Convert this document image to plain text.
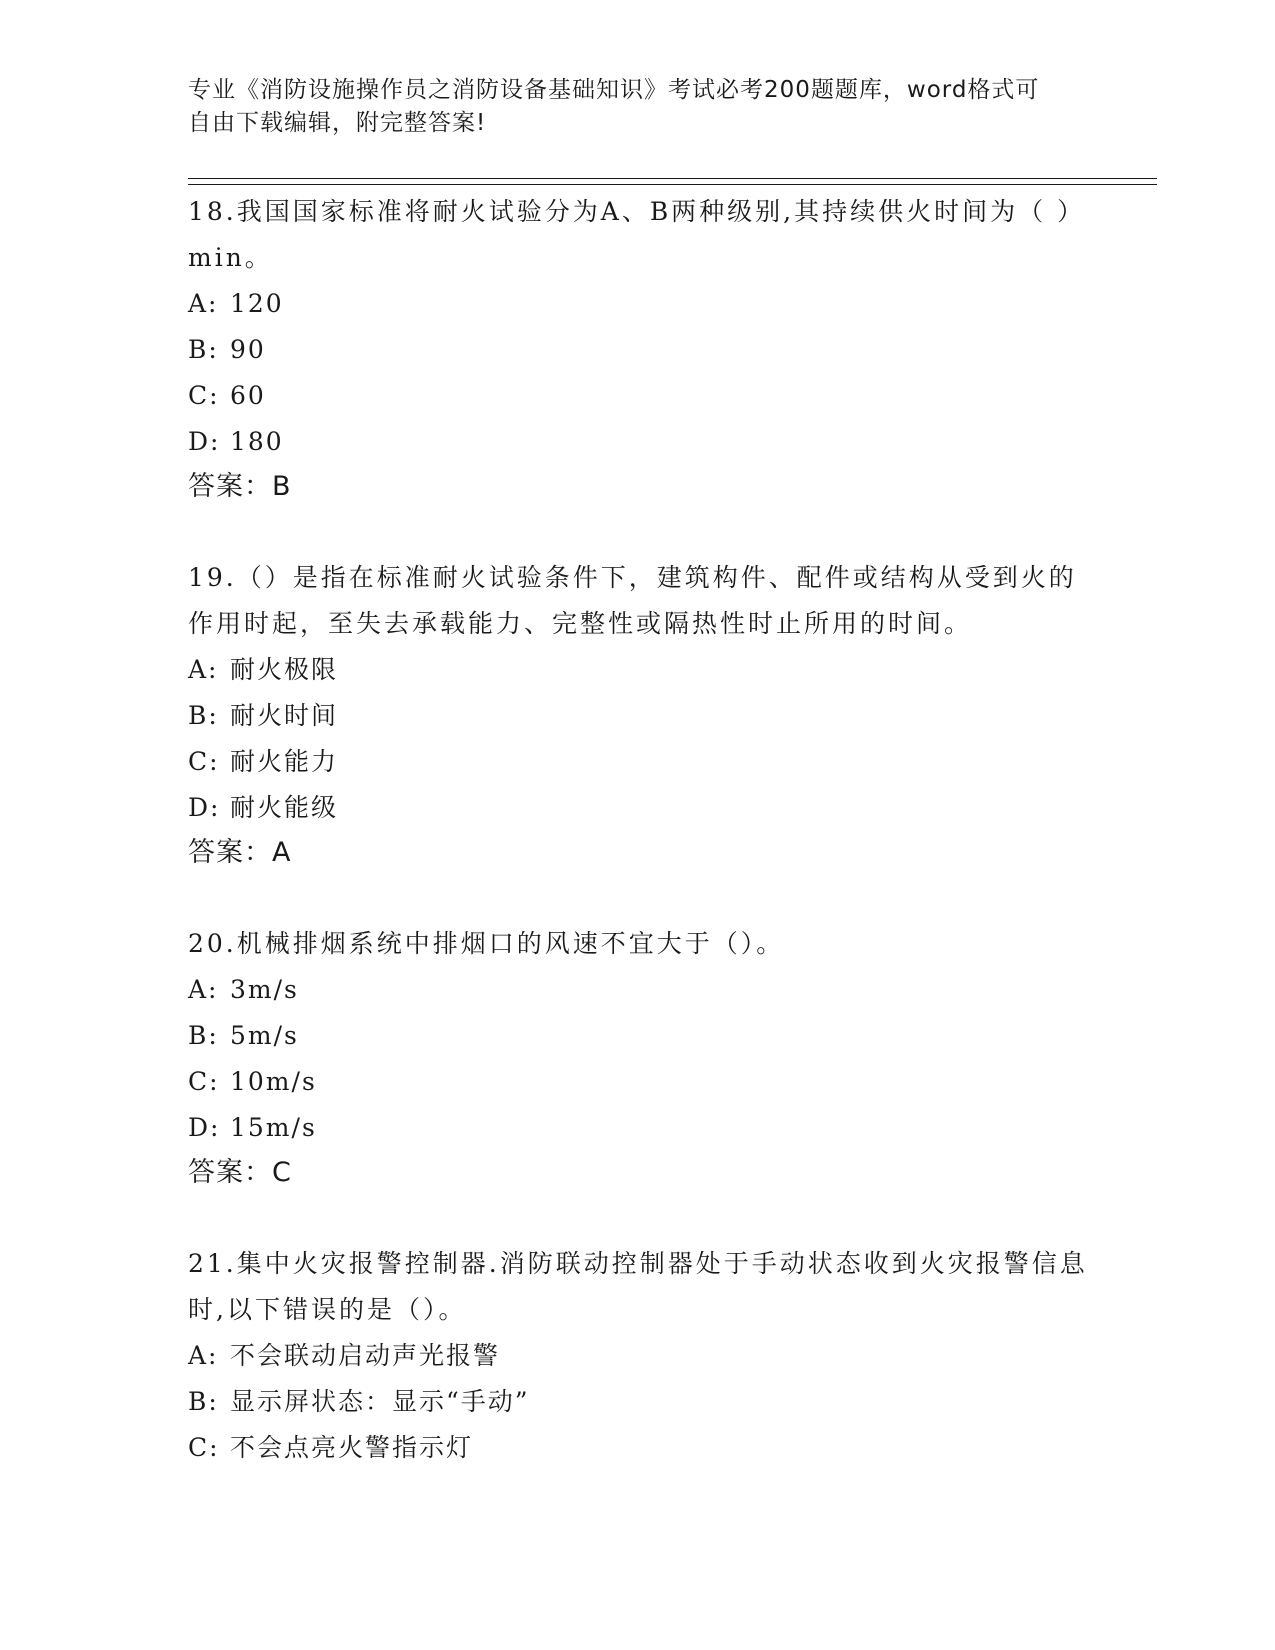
专业《消防设施操作员之消防设备基础知识》考试必考200题题库，word格式可
自由下载编辑，附完整答案!

18.我国国家标准将耐火试验分为A、B两种级别,其持续供火时间为（ ）min。

A: 120
B: 90
C: 60
D: 180
答案：B

19.（）是指在标准耐火试验条件下，建筑构件、配件或结构从受到火的作用时起，至失去承载能力、完整性或隔热性时止所用的时间。

A: 耐火极限
B: 耐火时间
C: 耐火能力
D: 耐火能级
答案：A

20.机械排烟系统中排烟口的风速不宜大于（）。

A: 3m/s
B: 5m/s
C: 10m/s
D: 15m/s
答案：C

21.集中火灾报警控制器.消防联动控制器处于手动状态收到火灾报警信息时,以下错误的是（）。

A: 不会联动启动声光报警
B: 显示屏状态：显示“手动”
C: 不会点亮火警指示灯
